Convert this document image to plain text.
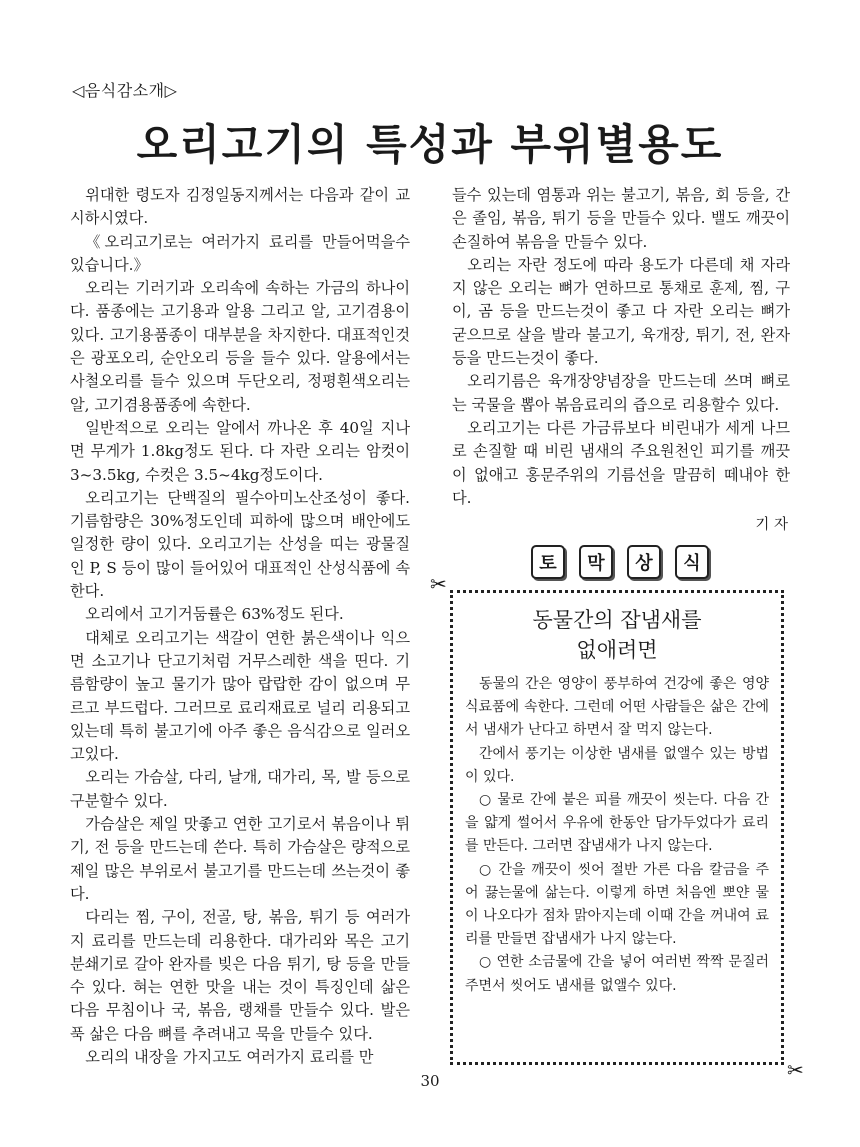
◁음식감소개▷
오리고기의 특성과 부위별용도

위대한 령도자 김정일동지께서는 다음과 같이 교시하시였다.

《오리고기로는 여러가지 료리를 만들어먹을수 있습니다.》

오리는 기러기과 오리속에 속하는 가금의 하나이다. 품종에는 고기용과 알용 그리고 알, 고기겸용이 있다. 고기용품종이 대부분을 차지한다. 대표적인것은 광포오리, 순안오리 등을 들수 있다. 알용에서는 사철오리를 들수 있으며 두단오리, 정평흰색오리는 알, 고기겸용품종에 속한다.

일반적으로 오리는 알에서 까나온 후 40일 지나면 무게가 1.8kg정도 된다. 다 자란 오리는 암컷이 3~3.5kg, 수컷은 3.5~4kg정도이다.

오리고기는 단백질의 필수아미노산조성이 좋다. 기름함량은 30%정도인데 피하에 많으며 배안에도 일정한 량이 있다. 오리고기는 산성을 띠는 광물질인 P, S 등이 많이 들어있어 대표적인 산성식품에 속한다.

오리에서 고기거둠률은 63%정도 된다.

대체로 오리고기는 색갈이 연한 붉은색이나 익으면 소고기나 단고기처럼 거무스레한 색을 띤다. 기름함량이 높고 물기가 많아 랍랍한 감이 없으며 무르고 부드럽다. 그러므로 료리재료로 널리 리용되고있는데 특히 불고기에 아주 좋은 음식감으로 일러오고있다.

오리는 가슴살, 다리, 날개, 대가리, 목, 발 등으로 구분할수 있다.

가슴살은 제일 맛좋고 연한 고기로서 볶음이나 튀기, 전 등을 만드는데 쓴다. 특히 가슴살은 량적으로 제일 많은 부위로서 불고기를 만드는데 쓰는것이 좋다.

다리는 찜, 구이, 전골, 탕, 볶음, 튀기 등 여러가지 료리를 만드는데 리용한다. 대가리와 목은 고기분쇄기로 갈아 완자를 빚은 다음 튀기, 탕 등을 만들수 있다. 혀는 연한 맛을 내는 것이 특징인데 삶은 다음 무침이나 국, 볶음, 랭채를 만들수 있다. 발은 푹 삶은 다음 뼈를 추려내고 묵을 만들수 있다.

오리의 내장을 가지고도 여러가지 료리를 만

들수 있는데 염통과 위는 불고기, 볶음, 회 등을, 간은 졸임, 볶음, 튀기 등을 만들수 있다. 밸도 깨끗이 손질하여 볶음을 만들수 있다.

오리는 자란 정도에 따라 용도가 다른데 채 자라지 않은 오리는 뼈가 연하므로 통채로 훈제, 찜, 구이, 곰 등을 만드는것이 좋고 다 자란 오리는 뼈가 굳으므로 살을 발라 불고기, 육개장, 튀기, 전, 완자 등을 만드는것이 좋다.

오리기름은 육개장양념장을 만드는데 쓰며 뼈로는 국물을 뽑아 볶음료리의 즙으로 리용할수 있다.

오리고기는 다른 가금류보다 비린내가 세게 나므로 손질할 때 비린 냄새의 주요원천인 피기를 깨끗이 없애고 홍문주위의 기름선을 말끔히 떼내야 한다.

기 자
토	막	상	식
✂
✂
동물간의 잡냄새를
없애려면

동물의 간은 영양이 풍부하여 건강에 좋은 영양식료품에 속한다. 그런데 어떤 사람들은 삶은 간에서 냄새가 난다고 하면서 잘 먹지 않는다.

간에서 풍기는 이상한 냄새를 없앨수 있는 방법이 있다.

○ 물로 간에 붙은 피를 깨끗이 씻는다. 다음 간을 얇게 썰어서 우유에 한동안 담가두었다가 료리를 만든다. 그러면 잡냄새가 나지 않는다.

○ 간을 깨끗이 씻어 절반 가른 다음 칼금을 주어 끓는물에 삶는다. 이렇게 하면 처음엔 뽀얀 물이 나오다가 점차 맑아지는데 이때 간을 꺼내여 료리를 만들면 잡냄새가 나지 않는다.

○ 연한 소금물에 간을 넣어 여러번 짝짝 문질러주면서 씻어도 냄새를 없앨수 있다.

30
